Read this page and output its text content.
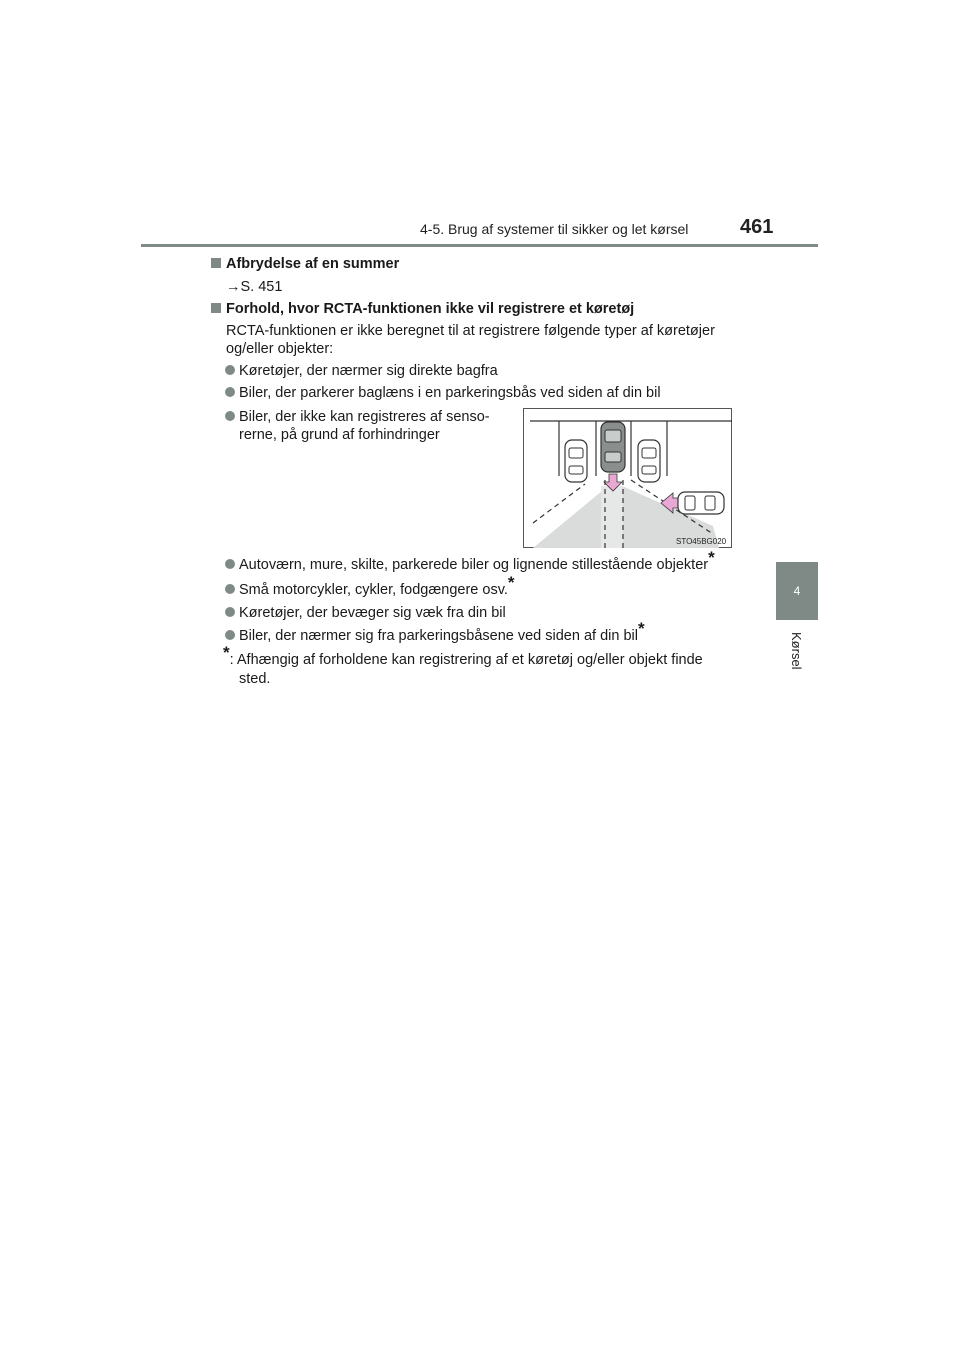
4-5. Brug af systemer til sikker og let kørsel	461
4
Kørsel
Afbrydelse af en summer
→S. 451
Forhold, hvor RCTA-funktionen ikke vil registrere et køretøj
RCTA-funktionen er ikke beregnet til at registrere følgende typer af køretøjer
og/eller objekter:
Køretøjer, der nærmer sig direkte bagfra
Biler, der parkerer baglæns i en parkeringsbås ved siden af din bil
Biler, der ikke kan registreres af senso-
rerne, på grund af forhindringer
STO45BG020
Autoværn, mure, skilte, parkerede biler og lignende stillestående objekter*
Små motorcykler, cykler, fodgængere osv.*
Køretøjer, der bevæger sig væk fra din bil
Biler, der nærmer sig fra parkeringsbåsene ved siden af din bil*
*: Afhængig af forholdene kan registrering af et køretøj og/eller objekt finde
sted.
